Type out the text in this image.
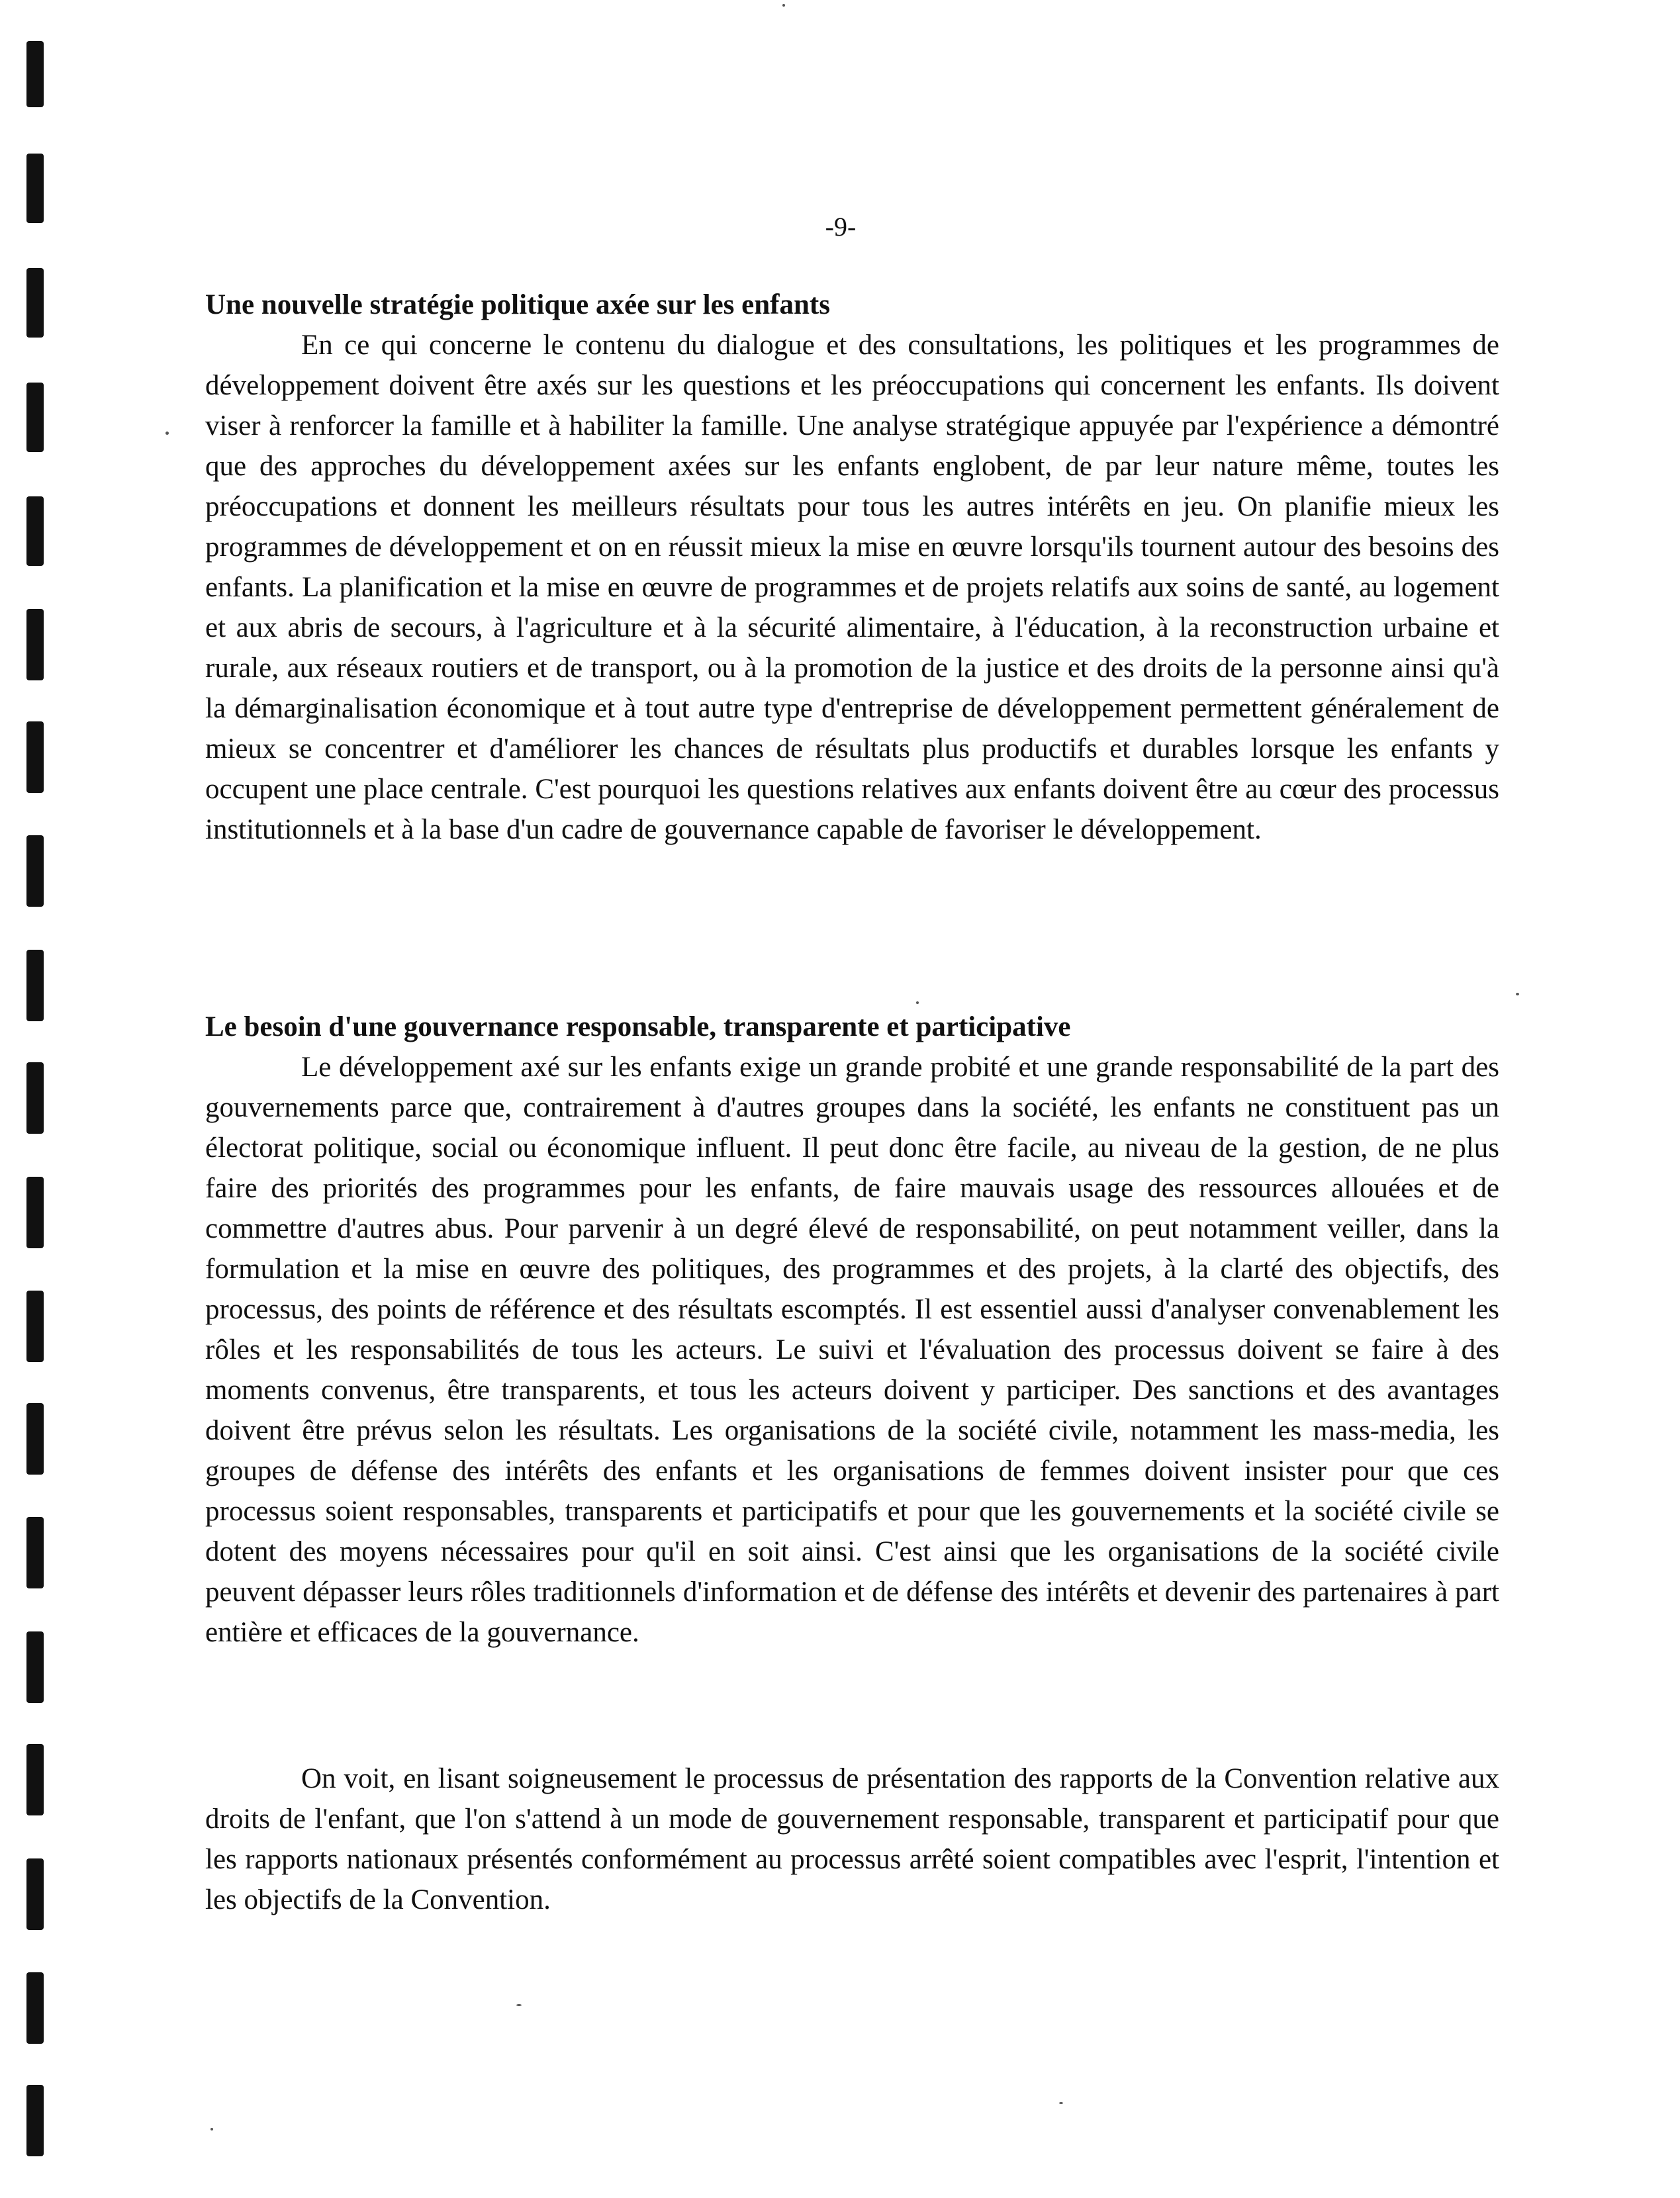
-9-

Une nouvelle stratégie politique axée sur les enfants

En ce qui concerne le contenu du dialogue et des consultations, les politiques et les programmes de développement doivent être axés sur les questions et les préoccupations qui concernent les enfants. Ils doivent viser à renforcer la famille et à habiliter la famille. Une analyse stratégique appuyée par l'expérience a démontré que des approches du développement axées sur les enfants englobent, de par leur nature même, toutes les préoccupations et donnent les meilleurs résultats pour tous les autres intérêts en jeu. On planifie mieux les programmes de développement et on en réussit mieux la mise en œuvre lorsqu'ils tournent autour des besoins des enfants. La planification et la mise en œuvre de programmes et de projets relatifs aux soins de santé, au logement et aux abris de secours, à l'agriculture et à la sécurité alimentaire, à l'éducation, à la reconstruction urbaine et rurale, aux réseaux routiers et de transport, ou à la promotion de la justice et des droits de la personne ainsi qu'à la démarginalisation économique et à tout autre type d'entreprise de développement permettent généralement de mieux se concentrer et d'améliorer les chances de résultats plus productifs et durables lorsque les enfants y occupent une place centrale. C'est pourquoi les questions relatives aux enfants doivent être au cœur des processus institutionnels et à la base d'un cadre de gouvernance capable de favoriser le développement.

Le besoin d'une gouvernance responsable, transparente et participative

Le développement axé sur les enfants exige un grande probité et une grande responsabilité de la part des gouvernements parce que, contrairement à d'autres groupes dans la société, les enfants ne constituent pas un électorat politique, social ou économique influent. Il peut donc être facile, au niveau de la gestion, de ne plus faire des priorités des programmes pour les enfants, de faire mauvais usage des ressources allouées et de commettre d'autres abus. Pour parvenir à un degré élevé de responsabilité, on peut notamment veiller, dans la formulation et la mise en œuvre des politiques, des programmes et des projets, à la clarté des objectifs, des processus, des points de référence et des résultats escomptés. Il est essentiel aussi d'analyser convenablement les rôles et les responsabilités de tous les acteurs. Le suivi et l'évaluation des processus doivent se faire à des moments convenus, être transparents, et tous les acteurs doivent y participer. Des sanctions et des avantages doivent être prévus selon les résultats. Les organisations de la société civile, notamment les mass-media, les groupes de défense des intérêts des enfants et les organisations de femmes doivent insister pour que ces processus soient responsables, transparents et participatifs et pour que les gouvernements et la société civile se dotent des moyens nécessaires pour qu'il en soit ainsi. C'est ainsi que les organisations de la société civile peuvent dépasser leurs rôles traditionnels d'information et de défense des intérêts et devenir des partenaires à part entière et efficaces de la gouvernance.

On voit, en lisant soigneusement le processus de présentation des rapports de la Convention relative aux droits de l'enfant, que l'on s'attend à un mode de gouvernement responsable, transparent et participatif pour que les rapports nationaux présentés conformément au processus arrêté soient compatibles avec l'esprit, l'intention et les objectifs de la Convention.
